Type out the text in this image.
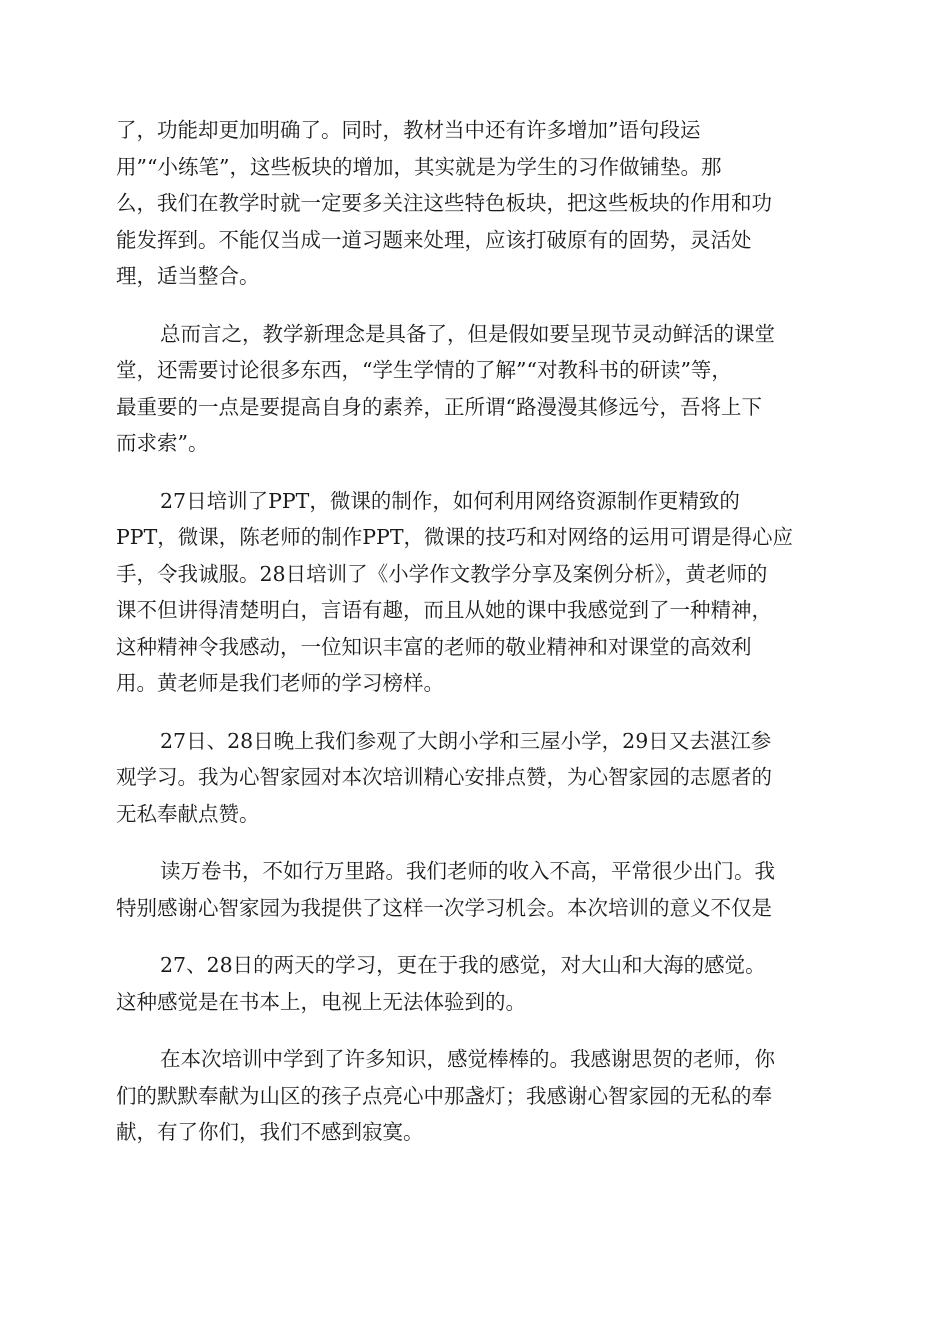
了，功能却更加明确了。同时，教材当中还有许多增加”语句段运
用”“小练笔”，这些板块的增加，其实就是为学生的习作做铺垫。那
么，我们在教学时就一定要多关注这些特色板块，把这些板块的作用和功
能发挥到。不能仅当成一道习题来处理，应该打破原有的固势，灵活处
理，适当整合。

总而言之，教学新理念是具备了，但是假如要呈现节灵动鲜活的课堂
堂，还需要讨论很多东西，“学生学情的了解”“对教科书的研读”等，
最重要的一点是要提高自身的素养，正所谓“路漫漫其修远兮，吾将上下
而求索”。

27日培训了PPT，微课的制作，如何利用网络资源制作更精致的
PPT，微课，陈老师的制作PPT，微课的技巧和对网络的运用可谓是得心应
手，令我诚服。28日培训了《小学作文教学分享及案例分析》，黄老师的
课不但讲得清楚明白，言语有趣，而且从她的课中我感觉到了一种精神，
这种精神令我感动，一位知识丰富的老师的敬业精神和对课堂的高效利
用。黄老师是我们老师的学习榜样。

27日、28日晚上我们参观了大朗小学和三屋小学，29日又去湛江参
观学习。我为心智家园对本次培训精心安排点赞，为心智家园的志愿者的
无私奉献点赞。

读万卷书，不如行万里路。我们老师的收入不高，平常很少出门。我
特别感谢心智家园为我提供了这样一次学习机会。本次培训的意义不仅是

27、28日的两天的学习，更在于我的感觉，对大山和大海的感觉。
这种感觉是在书本上，电视上无法体验到的。

在本次培训中学到了许多知识，感觉棒棒的。我感谢思贺的老师，你
们的默默奉献为山区的孩子点亮心中那盏灯；我感谢心智家园的无私的奉
献，有了你们，我们不感到寂寞。
